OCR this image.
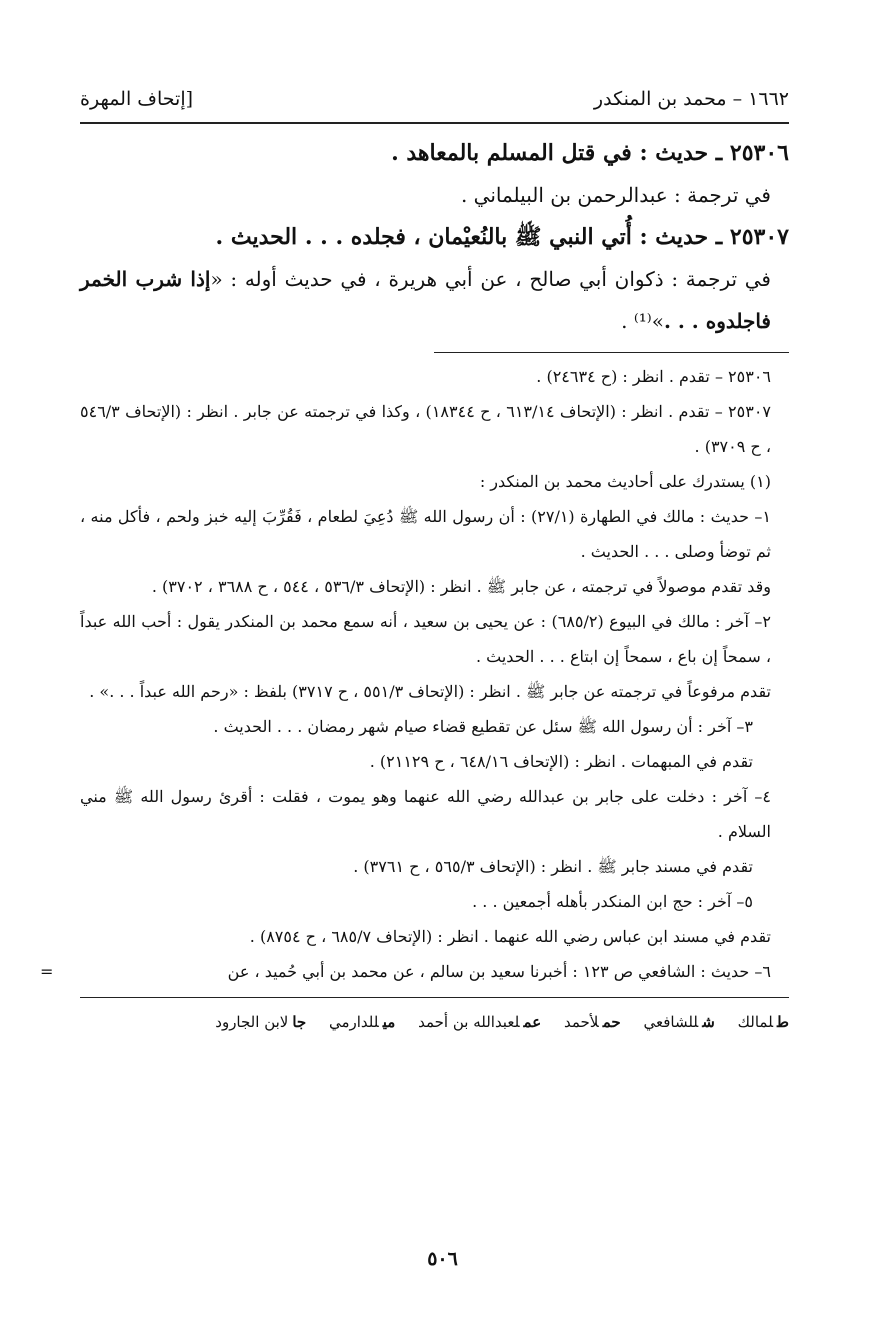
١٦٦٢ – محمد بن المنكدر
[إتحاف المهرة
٢٥٣٠٦ ـ حديث : في قتل المسلم بالمعاهد .
في ترجمة : عبدالرحمن بن البيلماني .
٢٥٣٠٧ ـ حديث : أُتي النبي ﷺ بالنُعيْمان ، فجلده . . . الحديث .
في ترجمة : ذكوان أبي صالح ، عن أبي هريرة ، في حديث أوله : «إذا شرب الخمر فاجلدوه . . .»⁽¹⁾ .
٢٥٣٠٦ – تقدم . انظر : (ح ٢٤٦٣٤) .
٢٥٣٠٧ – تقدم . انظر : (الإتحاف ٦١٣/١٤ ، ح ١٨٣٤٤) ، وكذا في ترجمته عن جابر . انظر : (الإتحاف ٥٤٦/٣ ، ح ٣٧٠٩) .
(١) يستدرك على أحاديث محمد بن المنكدر :
١– حديث : مالك في الطهارة (٢٧/١) : أن رسول الله ﷺ دُعِيَ لطعام ، فَقُرِّبَ إليه خبز ولحم ، فأكل منه ، ثم توضأ وصلى . . . الحديث .
وقد تقدم موصولاً في ترجمته ، عن جابر ﷺ . انظر : (الإتحاف ٥٣٦/٣ ، ٥٤٤ ، ح ٣٦٨٨ ، ٣٧٠٢) .
٢– آخر : مالك في البيوع (٦٨٥/٢) : عن يحيى بن سعيد ، أنه سمع محمد بن المنكدر يقول : أحب الله عبداً ، سمحاً إن باع ، سمحاً إن ابتاع . . . الحديث .
تقدم مرفوعاً في ترجمته عن جابر ﷺ . انظر : (الإتحاف ٥٥١/٣ ، ح ٣٧١٧) بلفظ : «رحم الله عبداً . . .» .
٣– آخر : أن رسول الله ﷺ سئل عن تقطيع قضاء صيام شهر رمضان . . . الحديث .
تقدم في المبهمات . انظر : (الإتحاف ٦٤٨/١٦ ، ح ٢١١٢٩) .
٤– آخر : دخلت على جابر بن عبدالله رضي الله عنهما وهو يموت ، فقلت : أقرئ رسول الله ﷺ مني السلام .
تقدم في مسند جابر ﷺ . انظر : (الإتحاف ٥٦٥/٣ ، ح ٣٧٦١) .
٥– آخر : حج ابن المنكدر بأهله أجمعين . . .
تقدم في مسند ابن عباس رضي الله عنهما . انظر : (الإتحاف ٦٨٥/٧ ، ح ٨٧٥٤) .
٦– حديث : الشافعي ص ١٢٣ : أخبرنا سعيد بن سالم ، عن محمد بن أبي حُميد ، عن
=
طلمالك شللشافعي حملأحمد عملعبدالله بن أحمد ميللدارمي جالابن الجارود
٥٠٦
